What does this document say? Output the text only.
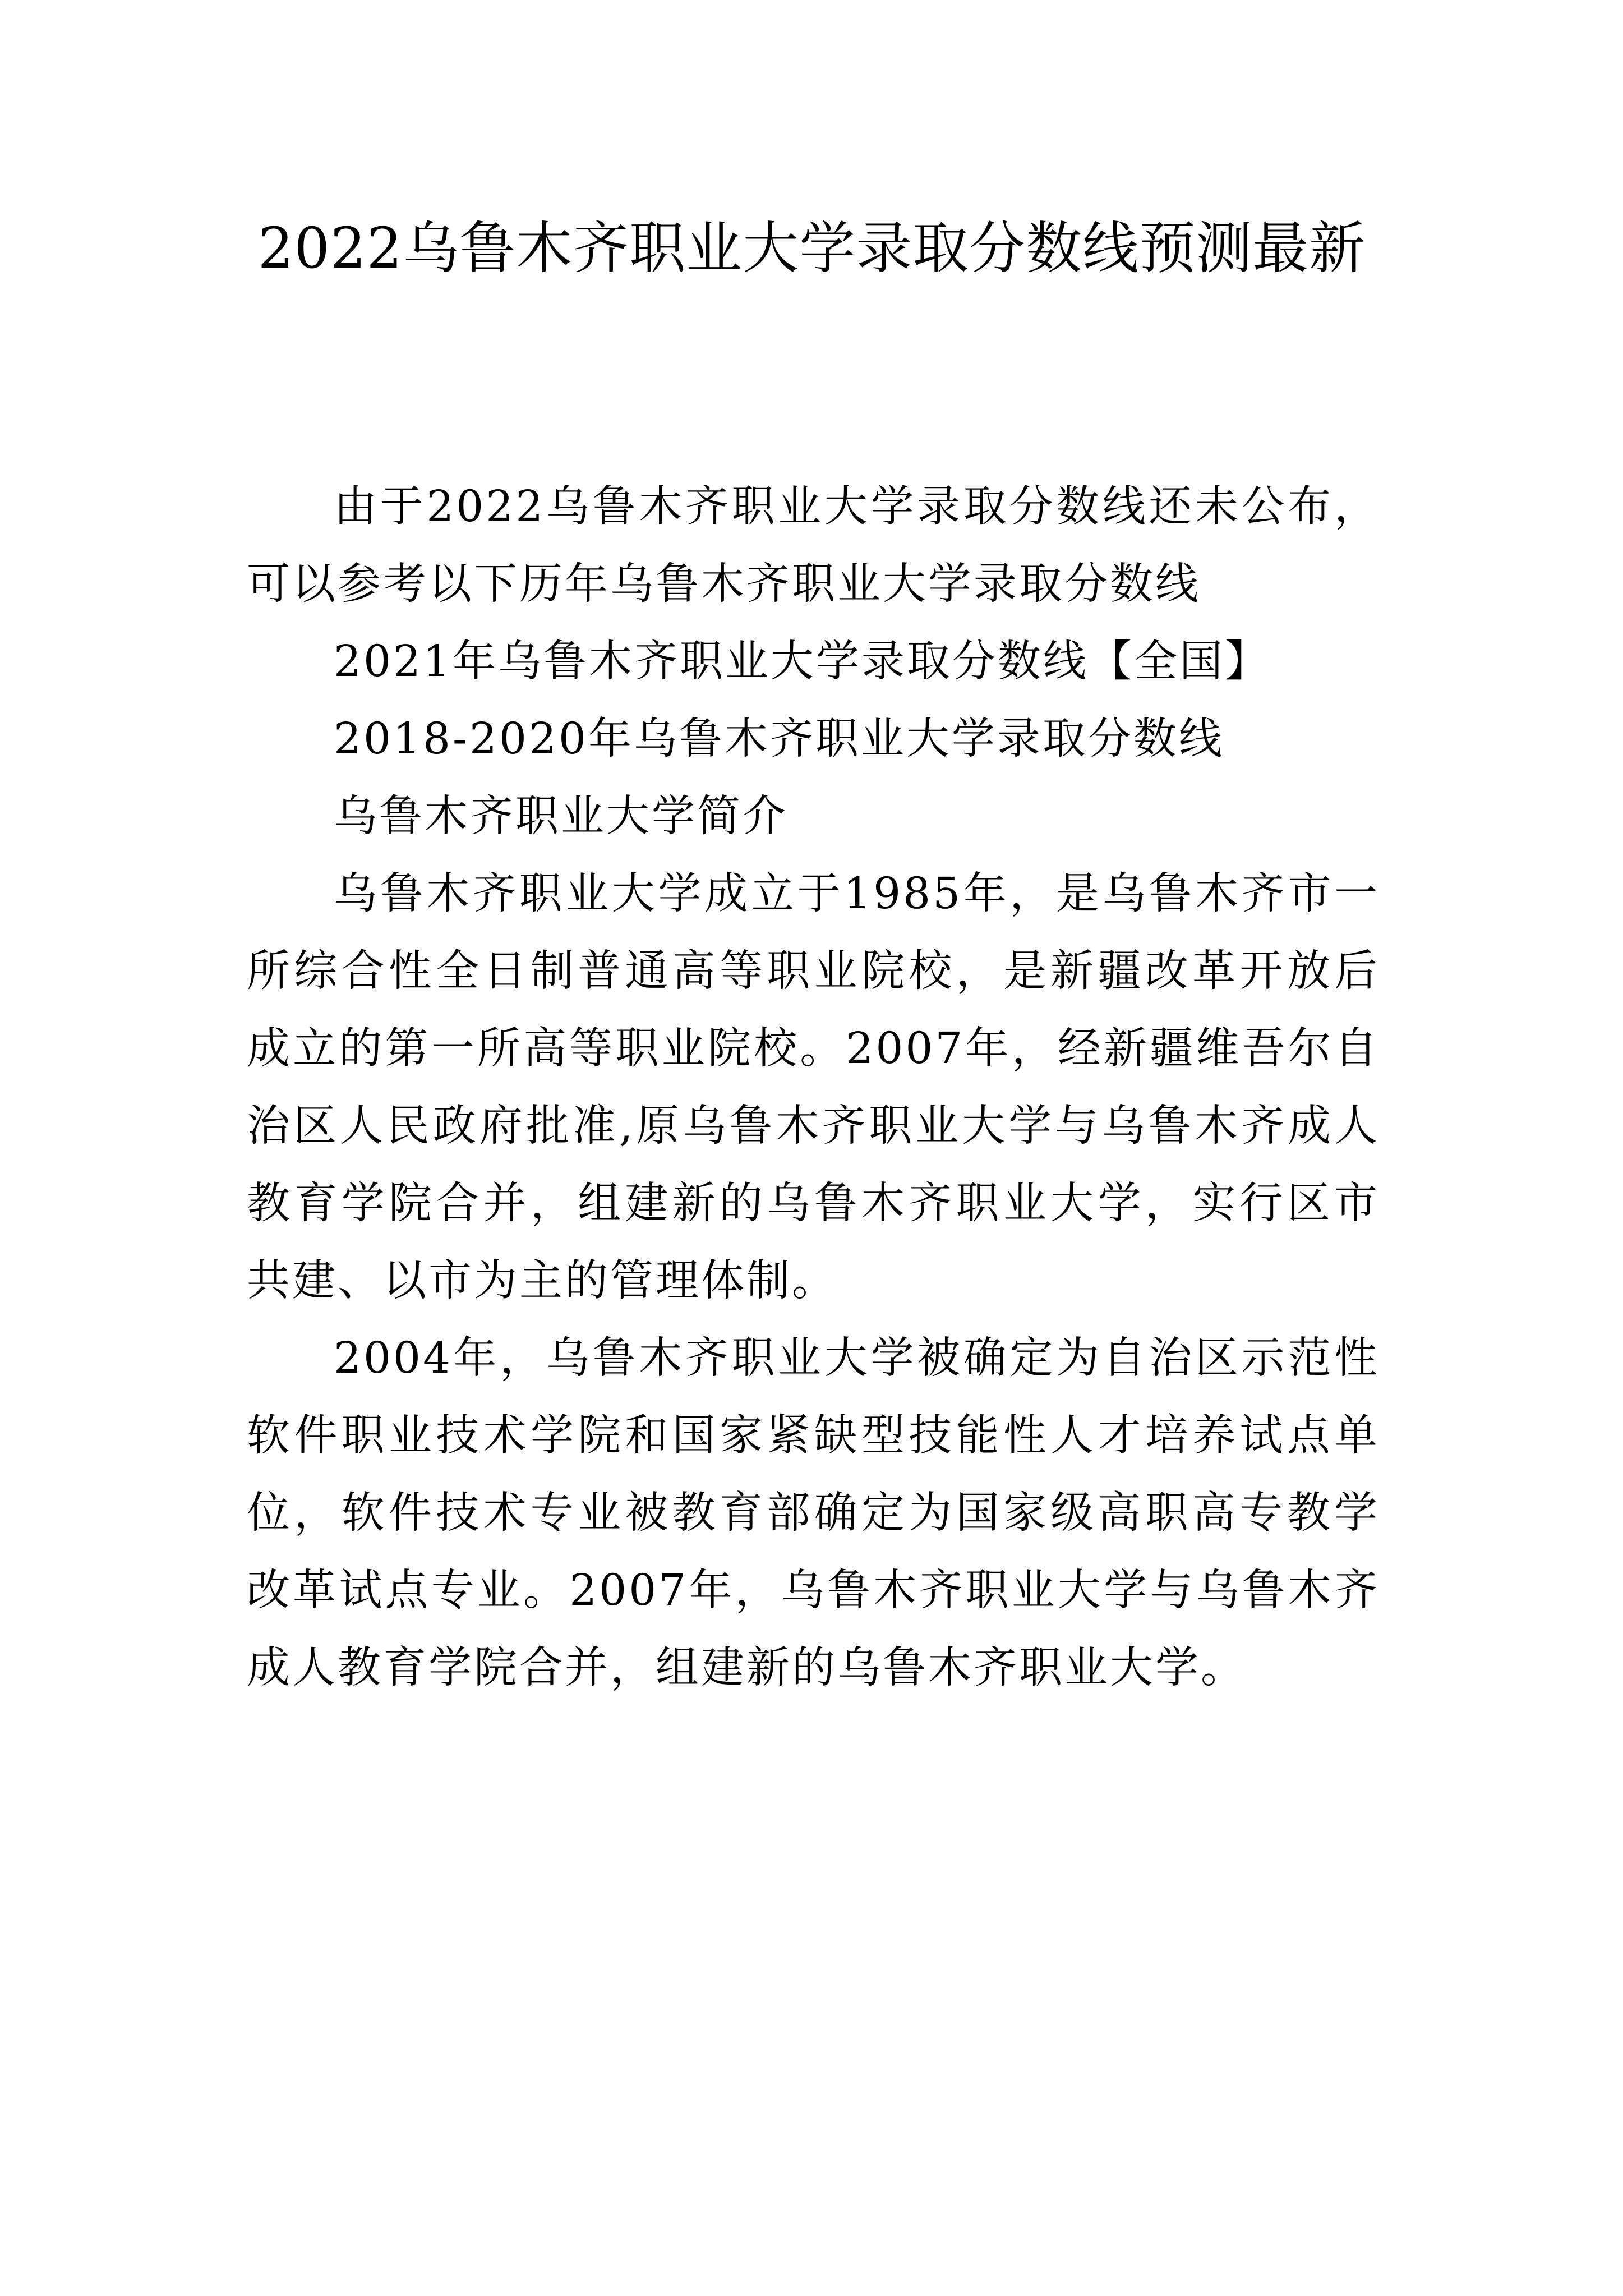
2022乌鲁木齐职业大学录取分数线预测最新

由于2022乌鲁木齐职业大学录取分数线还未公布，可以参考以下历年乌鲁木齐职业大学录取分数线

2021年乌鲁木齐职业大学录取分数线【全国】

2018-2020年乌鲁木齐职业大学录取分数线

乌鲁木齐职业大学简介

乌鲁木齐职业大学成立于1985年，是乌鲁木齐市一所综合性全日制普通高等职业院校，是新疆改革开放后成立的第一所高等职业院校。2007年，经新疆维吾尔自治区人民政府批准,原乌鲁木齐职业大学与乌鲁木齐成人教育学院合并，组建新的乌鲁木齐职业大学，实行区市共建、以市为主的管理体制。

2004年，乌鲁木齐职业大学被确定为自治区示范性软件职业技术学院和国家紧缺型技能性人才培养试点单位，软件技术专业被教育部确定为国家级高职高专教学改革试点专业。2007年，乌鲁木齐职业大学与乌鲁木齐成人教育学院合并，组建新的乌鲁木齐职业大学。
